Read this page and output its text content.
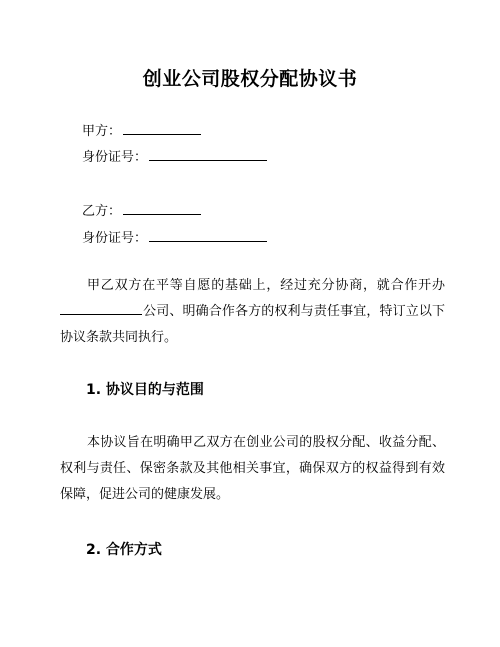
创业公司股权分配协议书
甲方：
身份证号：
乙方：
身份证号：

甲乙双方在平等自愿的基础上，经过充分协商，就合作开办公司、明确合作各方的权利与责任事宜，特订立以下协议条款共同执行。

1. 协议目的与范围

本协议旨在明确甲乙双方在创业公司的股权分配、收益分配、权利与责任、保密条款及其他相关事宜，确保双方的权益得到有效保障，促进公司的健康发展。

2. 合作方式
